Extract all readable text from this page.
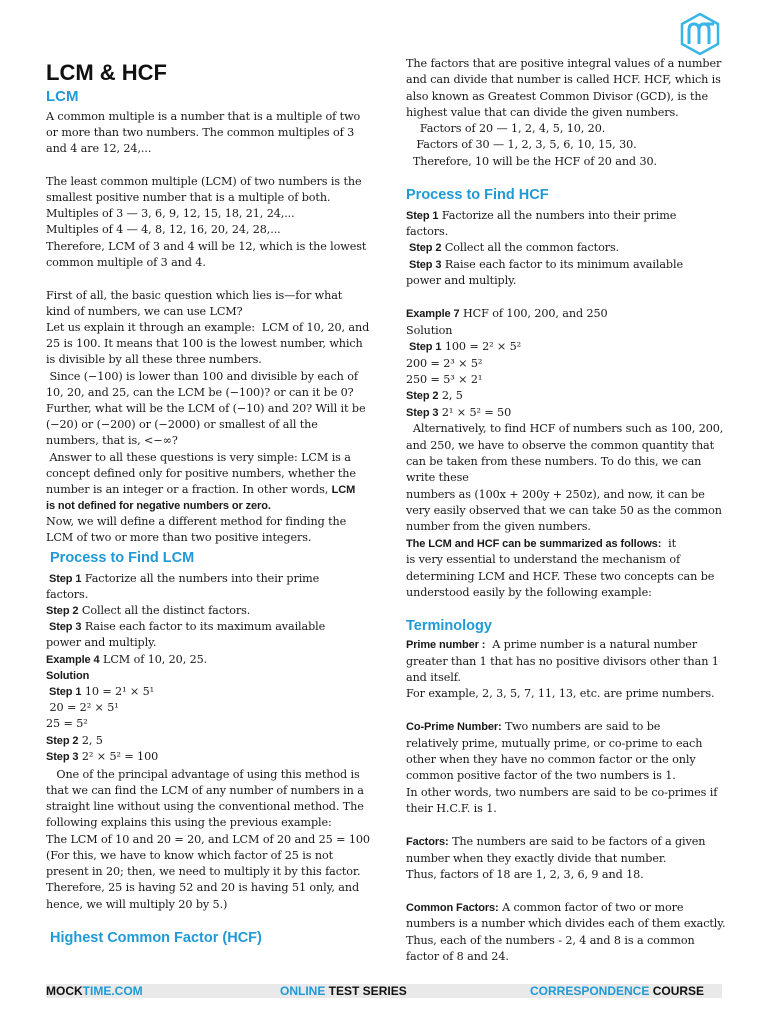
LCM & HCF
LCM
A common multiple is a number that is a multiple of two
or more than two numbers. The common multiples of 3
and 4 are 12, 24,...
The least common multiple (LCM) of two numbers is the
smallest positive number that is a multiple of both.
Multiples of 3 — 3, 6, 9, 12, 15, 18, 21, 24,...
Multiples of 4 — 4, 8, 12, 16, 20, 24, 28,...
Therefore, LCM of 3 and 4 will be 12, which is the lowest
common multiple of 3 and 4.
First of all, the basic question which lies is—for what
kind of numbers, we can use LCM?
Let us explain it through an example:  LCM of 10, 20, and
25 is 100. It means that 100 is the lowest number, which
is divisible by all these three numbers.
Since (−100) is lower than 100 and divisible by each of
10, 20, and 25, can the LCM be (−100)? or can it be 0?
Further, what will be the LCM of (−10) and 20? Will it be
(−20) or (−200) or (−2000) or smallest of all the
numbers, that is, <−∞?
Answer to all these questions is very simple: LCM is a
concept defined only for positive numbers, whether the
number is an integer or a fraction. In other words, LCM
is not defined for negative numbers or zero.
Now, we will define a different method for finding the
LCM of two or more than two positive integers.
Process to Find LCM
Step 1 Factorize all the numbers into their prime
factors.
Step 2 Collect all the distinct factors.
Step 3 Raise each factor to its maximum available
power and multiply.
Example 4 LCM of 10, 20, 25.
Solution
Step 1 10 = 2¹ × 5¹
20 = 2² × 5¹
25 = 5²
Step 2 2, 5
Step 3 2² × 5² = 100
One of the principal advantage of using this method is
that we can find the LCM of any number of numbers in a
straight line without using the conventional method. The
following explains this using the previous example:
The LCM of 10 and 20 = 20, and LCM of 20 and 25 = 100
(For this, we have to know which factor of 25 is not
present in 20; then, we need to multiply it by this factor.
Therefore, 25 is having 52 and 20 is having 51 only, and
hence, we will multiply 20 by 5.)
Highest Common Factor (HCF)
The factors that are positive integral values of a number
and can divide that number is called HCF. HCF, which is
also known as Greatest Common Divisor (GCD), is the
highest value that can divide the given numbers.
Factors of 20 — 1, 2, 4, 5, 10, 20.
Factors of 30 — 1, 2, 3, 5, 6, 10, 15, 30.
Therefore, 10 will be the HCF of 20 and 30.
Process to Find HCF
Step 1 Factorize all the numbers into their prime
factors.
Step 2 Collect all the common factors.
Step 3 Raise each factor to its minimum available
power and multiply.
Example 7 HCF of 100, 200, and 250
Solution
Step 1 100 = 2² × 5²
200 = 2³ × 5²
250 = 5³ × 2¹
Step 2 2, 5
Step 3 2¹ × 5² = 50
Alternatively, to find HCF of numbers such as 100, 200,
and 250, we have to observe the common quantity that
can be taken from these numbers. To do this, we can
write these
numbers as (100x + 200y + 250z), and now, it can be
very easily observed that we can take 50 as the common
number from the given numbers.
The LCM and HCF can be summarized as follows:  it
is very essential to understand the mechanism of
determining LCM and HCF. These two concepts can be
understood easily by the following example:
Terminology
Prime number :  A prime number is a natural number
greater than 1 that has no positive divisors other than 1
and itself.
For example, 2, 3, 5, 7, 11, 13, etc. are prime numbers.
Co-Prime Number: Two numbers are said to be
relatively prime, mutually prime, or co-prime to each
other when they have no common factor or the only
common positive factor of the two numbers is 1.
In other words, two numbers are said to be co-primes if
their H.C.F. is 1.
Factors: The numbers are said to be factors of a given
number when they exactly divide that number.
Thus, factors of 18 are 1, 2, 3, 6, 9 and 18.
Common Factors: A common factor of two or more
numbers is a number which divides each of them exactly.
Thus, each of the numbers - 2, 4 and 8 is a common
factor of 8 and 24.
MOCKTIME.COM	ONLINE TEST SERIES	CORRESPONDENCE COURSE
